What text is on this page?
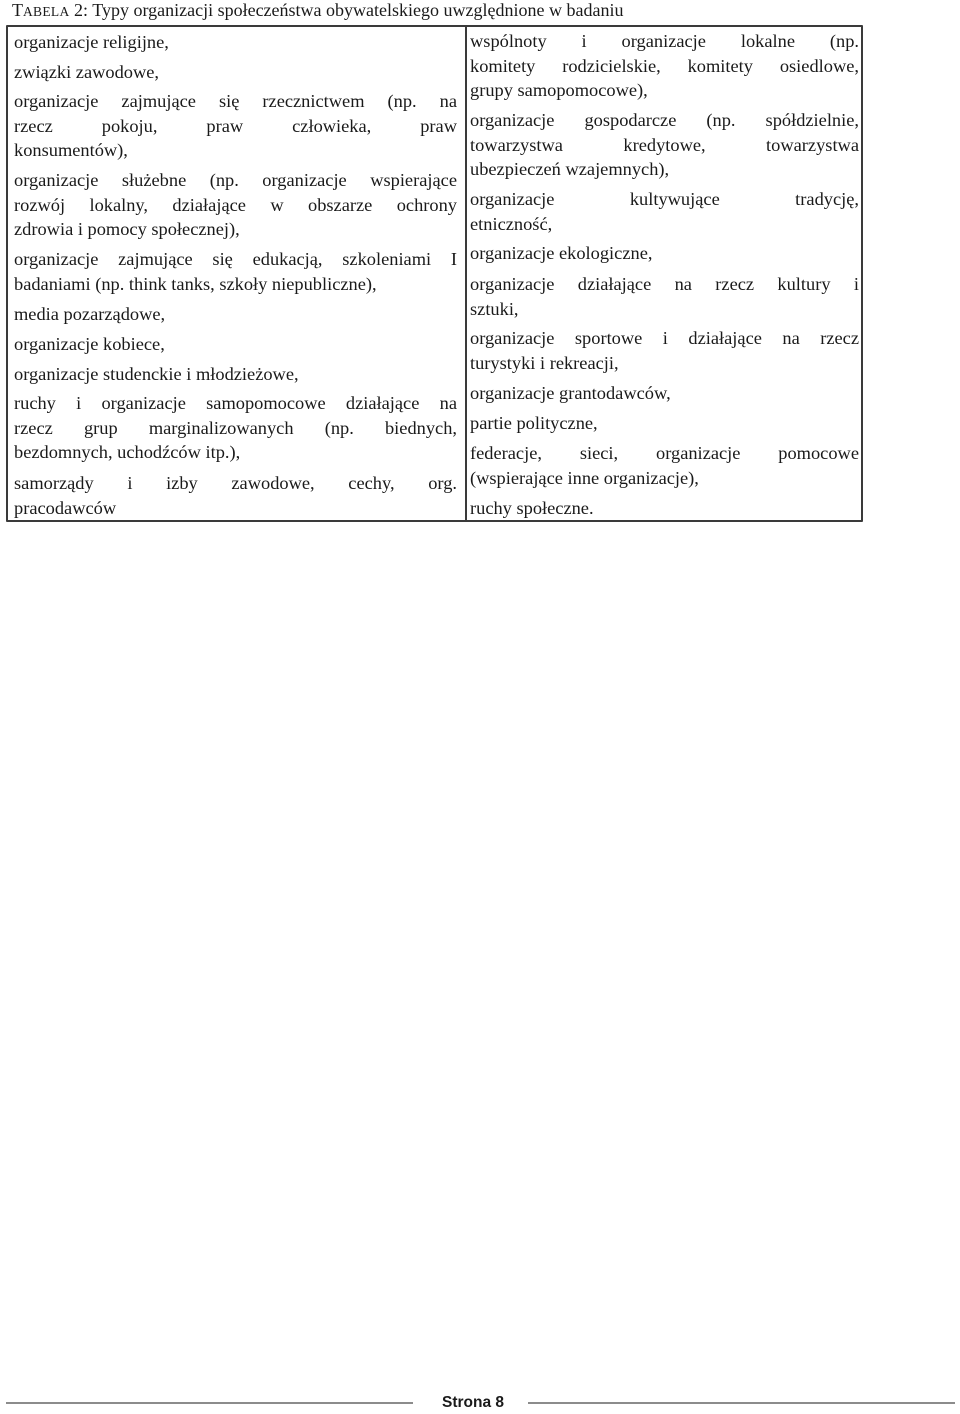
TABELA 2: Typy organizacji społeczeństwa obywatelskiego uwzględnione w badaniu
organizacje religijne,
związki zawodowe,
organizacje zajmujące się rzecznictwem (np. na
rzecz pokoju, praw człowieka, praw
konsumentów),
organizacje służebne (np. organizacje wspierające
rozwój lokalny, działające w obszarze ochrony
zdrowia i pomocy społecznej),
organizacje zajmujące się edukacją, szkoleniami I
badaniami (np. think tanks, szkoły niepubliczne),
media pozarządowe,
organizacje kobiece,
organizacje studenckie i młodzieżowe,
ruchy i organizacje samopomocowe działające na
rzecz grup marginalizowanych (np. biednych,
bezdomnych, uchodźców itp.),
samorządy i izby zawodowe, cechy, org.
pracodawców
wspólnoty i organizacje lokalne (np.
komitety rodzicielskie, komitety osiedlowe,
grupy samopomocowe),
organizacje gospodarcze (np. spółdzielnie,
towarzystwa kredytowe, towarzystwa
ubezpieczeń wzajemnych),
organizacje kultywujące tradycję,
etniczność,
organizacje ekologiczne,
organizacje działające na rzecz kultury i
sztuki,
organizacje sportowe i działające na rzecz
turystyki i rekreacji,
organizacje grantodawców,
partie polityczne,
federacje, sieci, organizacje pomocowe
(wspierające inne organizacje),
ruchy społeczne.
Strona 8
